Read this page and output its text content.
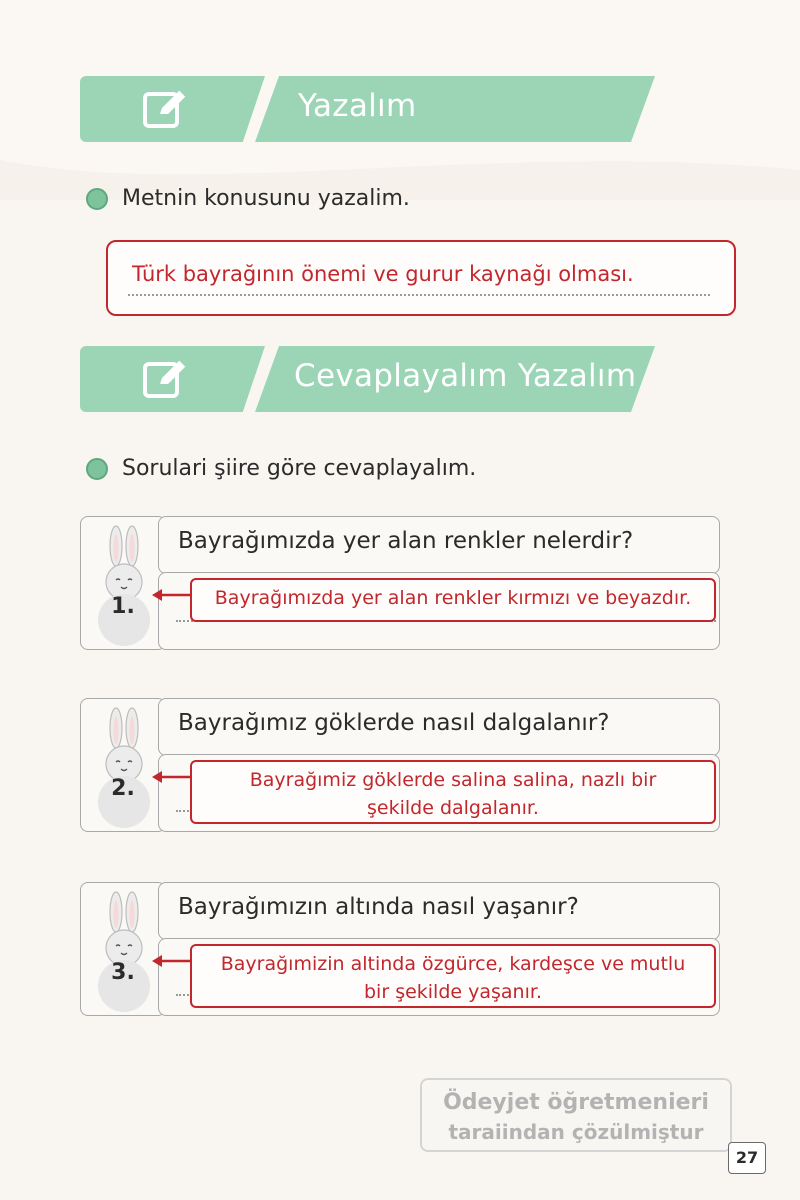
Yazalım
Metnin konusunu yazalim.
Türk bayrağının önemi ve gurur kaynağı olması.
Cevaplayalım Yazalım
Sorulari şiire göre cevaplayalım.
1.
Bayrağımızda yer alan renkler nelerdir?
Bayrağımızda yer alan renkler kırmızı ve beyazdır.
2.
Bayrağımız göklerde nasıl dalgalanır?
Bayrağımiz göklerde salina salina, nazlı bir
şekilde dalgalanır.
3.
Bayrağımızın altında nasıl yaşanır?
Bayrağımizin altinda özgürce, kardeşce ve mutlu
bir şekilde yaşanır.
Ödeyjet öğretmenieri
taraiindan çözülmiştur
27
